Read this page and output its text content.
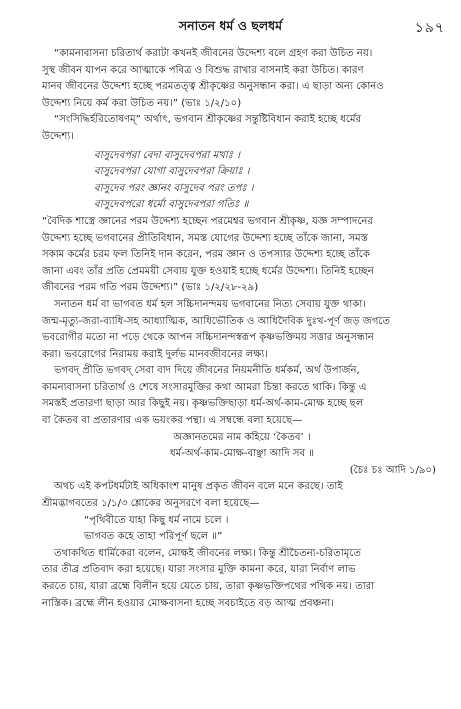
সনাতন ধর্ম ও ছলধর্ম	১৯৭
“কামনাবাসনা চরিতার্থ করাটা কখনই জীবনের উদ্দেশ্য বলে গ্রহণ করা উচিত নয়।
সুস্থ জীবন যাপন করে আত্মাকে পবিত্র ও বিশুদ্ধ রাখার বাসনাই করা উচিত। কারণ
মানব জীবনের উদ্দেশ্য হচ্ছে পরমতত্ত্ব শ্রীকৃষ্ণের অনুসন্ধান করা। এ ছাড়া অন্য কোনও
উদ্দেশ্য নিয়ে কর্ম করা উচিত নয়।” (ভাঃ ১/২/১০)
“সংসিদ্ধির্হরিতোষণম্” অর্থাৎ, ভগবান শ্রীকৃষ্ণের সন্তুষ্টিবিধান করাই হচ্ছে ধর্মের
উদ্দেশ্য।
বাসুদেবপরা বেদা বাসুদেবপরা মখাঃ ।
বাসুদেবপরা যোগা বাসুদেবপরা ক্রিয়াঃ ।
বাসুদেব পরং জ্ঞানং বাসুদেব পরং তপঃ ।
বাসুদেবপরো ধর্মো বাসুদেবপরা গতিঃ ॥
“বৈদিক শাস্ত্রে জ্ঞানের পরম উদ্দেশ্য হচ্ছেন পরমেশ্বর ভগবান শ্রীকৃষ্ণ, যজ্ঞ সম্পাদনের
উদ্দেশ্য হচ্ছে ভগবানের প্রীতিবিধান, সমস্ত যোগের উদ্দেশ্য হচ্ছে তাঁকে জানা, সমস্ত
সকাম কর্মের চরম ফল তিনিই দান করেন, পরম জ্ঞান ও তপস্যার উদ্দেশ্য হচ্ছে তাঁকে
জানা এবং তাঁর প্রতি প্রেমময়ী সেবায় যুক্ত হওয়াই হচ্ছে ধর্মের উদ্দেশ্য। তিনিই হচ্ছেন
জীবনের পরম গতি পরম উদ্দেশ্য।” (ভাঃ ১/২/২৮-২৯)
সনাতন ধর্ম বা ভাগবত ধর্ম হল সচ্চিদানন্দময় ভগবানের নিত্য সেবায় যুক্ত থাকা।
জন্ম-মৃত্যু-জরা-ব্যাধি-সহ আধ্যাত্মিক, আধিভৌতিক ও আধিদৈবিক দুঃখ-পূর্ণ জড় জগতে
ভবরোগীর মতো না পড়ে থেকে আপন সচ্চিদানন্দস্বরূপ কৃষ্ণভক্তিময় সত্তার অনুসন্ধান
করা। ভবরোগের নিরাময় করাই দুর্লভ মানবজীবনের লক্ষ্য।
ভগবদ্ প্রীতি ভগবদ্ সেবা বাদ দিয়ে জীবনের নিয়মনীতি ধর্মকর্ম, অর্থ উপার্জন,
কামনাবাসনা চরিতার্থ ও শেষে সংসারমুক্তির কথা আমরা চিন্তা করতে থাকি। কিন্তু এ
সমস্তই প্রতারণা ছাড়া আর কিছুই নয়। কৃষ্ণভক্তিছাড়া ধর্ম-অর্থ-কাম-মোক্ষ হচ্ছে ছল
বা কৈতব বা প্রতারণার এক ভয়ংকর পন্থা। এ সম্বন্ধে বলা হয়েছে—
অজ্ঞানতমের নাম কহিয়ে ‘কৈতব’ ।
ধর্ম-অর্থ-কাম-মোক্ষ-বাঞ্ছা আদি সব ॥
(চৈঃ চঃ আদি ১/৯০)
অথচ এই কপটধর্মটাই অধিকাংশ মানুষ প্রকৃত জীবন বলে মনে করছে। তাই
শ্রীমদ্ভাগবতের ১/১/৩ শ্লোকের অনুসরণে বলা হয়েছে—
“পৃথিবীতে যাহা কিছু ধর্ম নামে চলে ।
ভাগবত কহে তাহা পরিপূর্ণ ছলে ॥”
তথাকথিত ধার্মিকেরা বলেন, মোক্ষই জীবনের লক্ষ্য। কিন্তু শ্রীচৈতন্য-চরিতামৃতে
তার তীব্র প্রতিবাদ করা হয়েছে। যারা সংসার মুক্তি কামনা করে, যারা নির্বাণ লাভ
করতে চায়, যারা ব্রহ্মে বিলীন হয়ে যেতে চায়, তারা কৃষ্ণভক্তিপথের পথিক নয়। তারা
নাস্তিক। ব্রহ্মে লীন হওয়ার মোক্ষবাসনা হচ্ছে সবচাইতে বড় আত্ম প্রবঞ্চনা।
